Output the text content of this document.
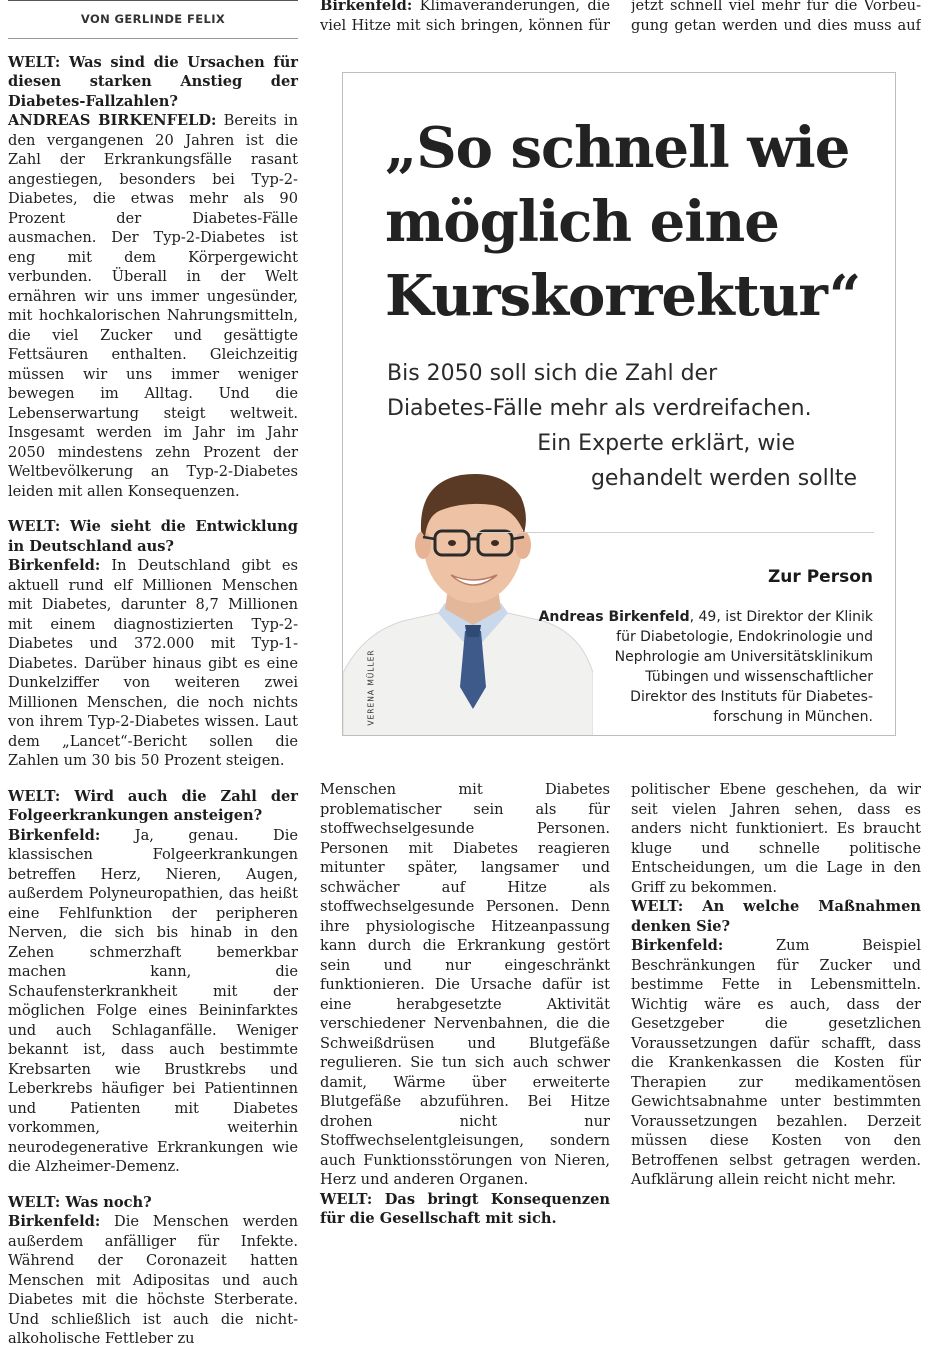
VON GERLINDE FELIX

WELT: Was sind die Ursachen für diesen starken Anstieg der Diabetes-Fallzahlen?

ANDREAS BIRKENFELD: Bereits in den vergangenen 20 Jahren ist die Zahl der Erkrankungsfälle rasant angestiegen, besonders bei Typ-2-Diabetes, die etwas mehr als 90 Prozent der Diabetes-Fälle ausmachen. Der Typ-2-Diabetes ist eng mit dem Körpergewicht verbunden. Überall in der Welt ernähren wir uns immer ungesünder, mit hochkalorischen Nahrungsmitteln, die viel Zucker und gesättigte Fettsäuren enthalten. Gleichzeitig müssen wir uns immer weniger bewegen im Alltag. Und die Lebenserwartung steigt weltweit. Insgesamt werden im Jahr im Jahr 2050 mindestens zehn Prozent der Weltbevölkerung an Typ-2-Diabetes leiden mit allen Konsequenzen.

WELT: Wie sieht die Entwicklung in Deutschland aus?

Birkenfeld: In Deutschland gibt es aktuell rund elf Millionen Menschen mit Diabetes, darunter 8,7 Millionen mit einem diagnostizierten Typ-2-Diabetes und 372.000 mit Typ-1-Diabetes. Darüber hinaus gibt es eine Dunkelziffer von weiteren zwei Millionen Menschen, die noch nichts von ihrem Typ-2-Diabetes wissen. Laut dem „Lancet“-Bericht sollen die Zahlen um 30 bis 50 Prozent steigen.

WELT: Wird auch die Zahl der Folgeerkrankungen ansteigen?

Birkenfeld: Ja, genau. Die klassischen Folgeerkrankungen betreffen Herz, Nieren, Augen, außerdem Polyneuropathien, das heißt eine Fehlfunktion der peripheren Nerven, die sich bis hinab in den Zehen schmerzhaft bemerkbar machen kann, die Schaufensterkrankheit mit der möglichen Folge eines Beininfarktes und auch Schlaganfälle. Weniger bekannt ist, dass auch bestimmte Krebsarten wie Brustkrebs und Leberkrebs häufiger bei Patientinnen und Patienten mit Diabetes vorkommen, weiterhin neurodegenerative Erkrankungen wie die Alzheimer-Demenz.

WELT: Was noch?

Birkenfeld: Die Menschen werden außerdem anfälliger für Infekte. Während der Coronazeit hatten Menschen mit Adipositas und auch Diabetes mit die höchste Sterberate. Und schließlich ist auch die nicht-alkoholische Fettleber zu

Birkenfeld: Klimaveränderungen, die
viel Hitze mit sich bringen, können für
jetzt schnell viel mehr für die Vorbeu-
gung getan werden und dies muss auf
„So schnell wie
möglich eine
Kurskorrektur“
Bis 2050 soll sich die Zahl der
Diabetes-Fälle mehr als verdreifachen.
Ein Experte erklärt, wie
gehandelt werden sollte
VERENA MÜLLER
Zur Person
Andreas Birkenfeld, 49, ist Direktor der Klinik
für Diabetologie, Endokrinologie und
Nephrologie am Universitätsklinikum
Tübingen und wissenschaftlicher
Direktor des Instituts für Diabetes-
forschung in München.

Menschen mit Diabetes problematischer sein als für stoffwechselgesunde Personen. Personen mit Diabetes reagieren mitunter später, langsamer und schwächer auf Hitze als stoffwechselgesunde Personen. Denn ihre physiologische Hitzeanpassung kann durch die Erkrankung gestört sein und nur eingeschränkt funktionieren. Die Ursache dafür ist eine herabgesetzte Aktivität verschiedener Nervenbahnen, die die Schweißdrüsen und Blutgefäße regulieren. Sie tun sich auch schwer damit, Wärme über erweiterte Blutgefäße abzuführen. Bei Hitze drohen nicht nur Stoffwechselentgleisungen, sondern auch Funktionsstörungen von Nieren, Herz und anderen Organen.

WELT: Das bringt Konsequenzen für die Gesellschaft mit sich.

politischer Ebene geschehen, da wir seit vielen Jahren sehen, dass es anders nicht funktioniert. Es braucht kluge und schnelle politische Entscheidungen, um die Lage in den Griff zu bekommen.

WELT: An welche Maßnahmen denken Sie?

Birkenfeld:	Zum Beispiel Beschränkungen für Zucker und bestimme Fette in Lebensmitteln. Wichtig wäre es auch, dass der Gesetzgeber die gesetzlichen Voraussetzungen dafür schafft, dass die Krankenkassen die Kosten für Therapien zur medikamentösen Gewichtsabnahme unter bestimmten Voraussetzungen bezahlen. Derzeit müssen diese Kosten von den Betroffenen selbst getragen werden. Aufklärung allein reicht nicht mehr.
